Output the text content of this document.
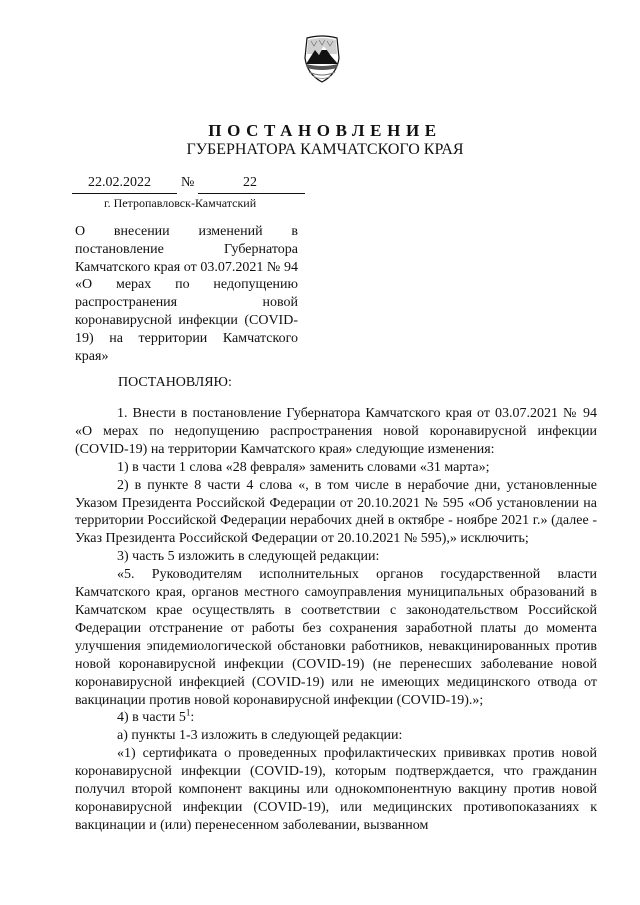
ПОСТАНОВЛЕНИЕ
ГУБЕРНАТОРА КАМЧАТСКОГО КРАЯ
22.02.2022 №	22
г. Петропавловск-Камчатский
О внесении изменений в постановление Губернатора Камчатского края от 03.07.2021 № 94 «О мерах по недопущению распространения новой коронавирусной инфекции (COVID-19) на территории Камчатского края»
ПОСТАНОВЛЯЮ:

1. Внести в постановление Губернатора Камчатского края от 03.07.2021 № 94 «О мерах по недопущению распространения новой коронавирусной инфекции (COVID-19) на территории Камчатского края» следующие изменения:

1) в части 1 слова «28 февраля» заменить словами «31 марта»;

2) в пункте 8 части 4 слова «, в том числе в нерабочие дни, установленные Указом Президента Российской Федерации от 20.10.2021 № 595 «Об установлении на территории Российской Федерации нерабочих дней в октябре - ноябре 2021 г.» (далее - Указ Президента Российской Федерации от 20.10.2021 № 595),» исключить;

3) часть 5 изложить в следующей редакции:

«5. Руководителям исполнительных органов государственной власти Камчатского края, органов местного самоуправления муниципальных образований в Камчатском крае осуществлять в соответствии с законодательством Российской Федерации отстранение от работы без сохранения заработной платы до момента улучшения эпидемиологической обстановки работников, невакцинированных против новой коронавирусной инфекции (COVID-19) (не перенесших заболевание новой коронавирусной инфекцией (COVID-19) или не имеющих медицинского отвода от вакцинации против новой коронавирусной инфекции (COVID-19).»;

4) в части $5^1$:

а) пункты 1-3 изложить в следующей редакции:

«1) сертификата о проведенных профилактических прививках против новой коронавирусной инфекции (COVID-19), которым подтверждается, что гражданин получил второй компонент вакцины или однокомпонентную вакцину против новой коронавирусной инфекции (COVID-19), или медицинских противопоказаниях к вакцинации и (или) перенесенном заболевании, вызванном
